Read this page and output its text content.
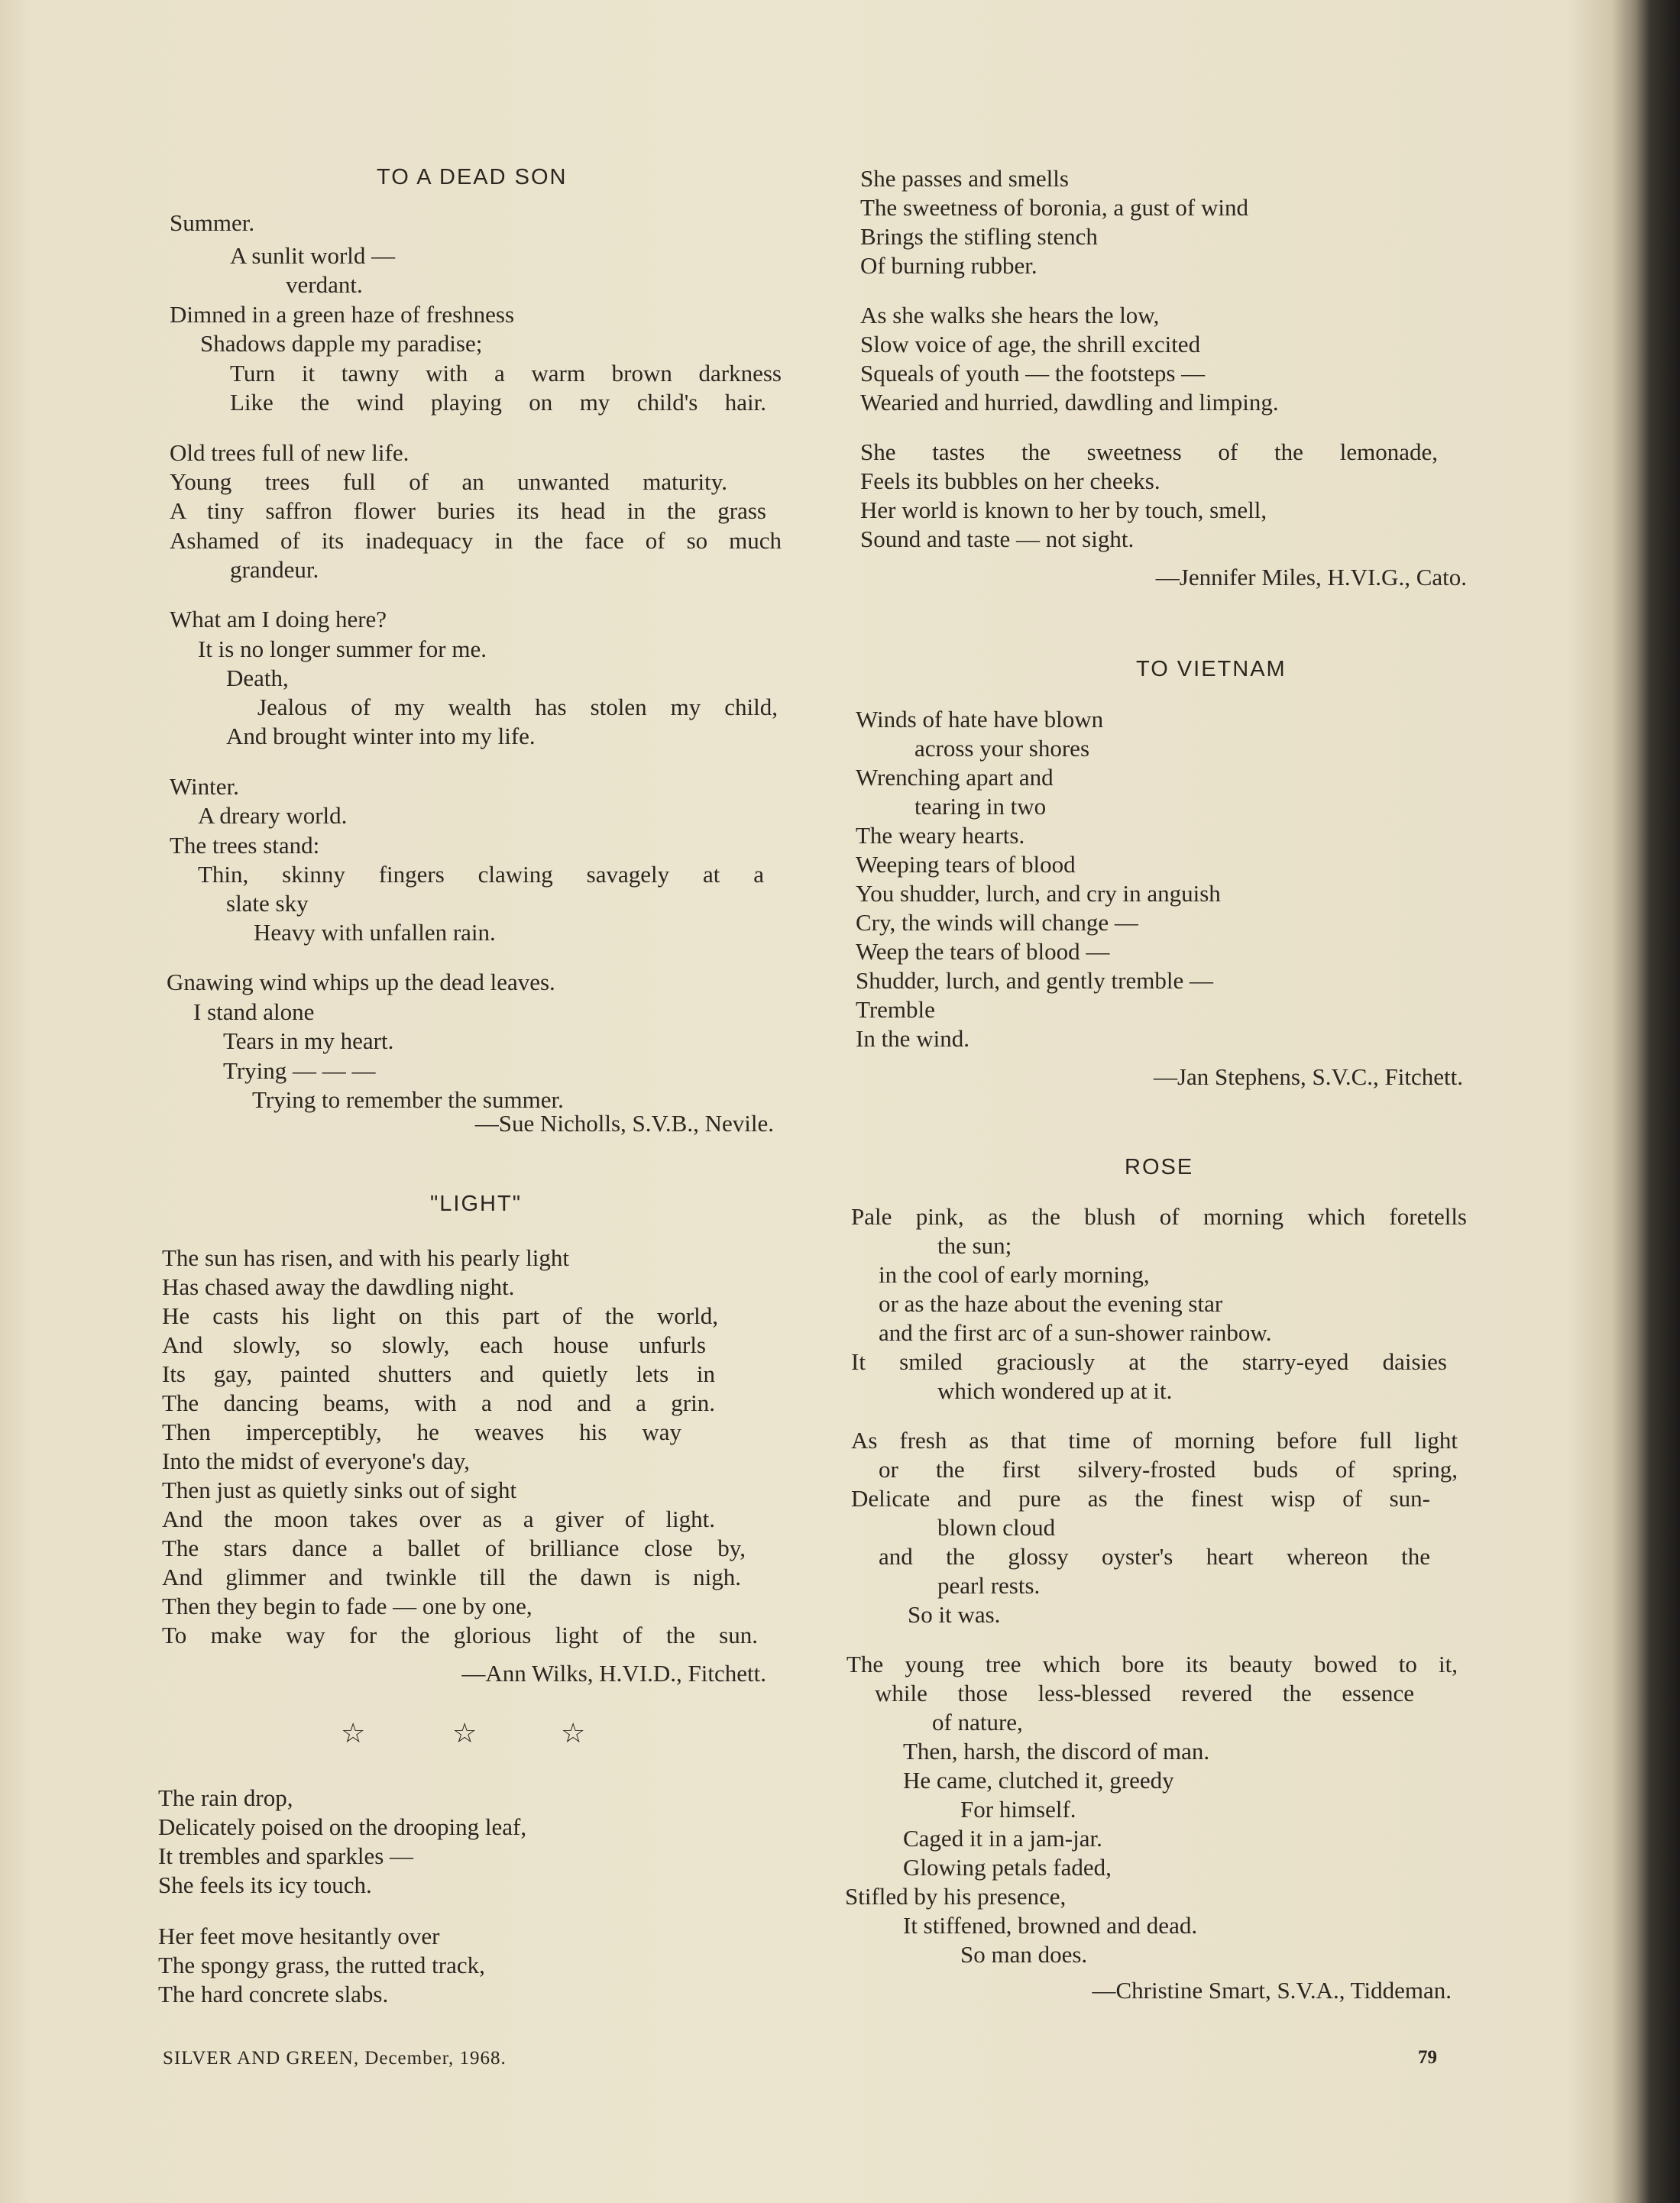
TO A DEAD SON
Summer.
A sunlit world —
verdant.
Dimned in a green haze of freshness
Shadows dapple my paradise;
Turn it tawny with a warm brown darkness
Like the wind playing on my child's hair.
Old trees full of new life.
Young trees full of an unwanted maturity.
A tiny saffron flower buries its head in the grass
Ashamed of its inadequacy in the face of so much
grandeur.
What am I doing here?
It is no longer summer for me.
Death,
Jealous of my wealth has stolen my child,
And brought winter into my life.
Winter.
A dreary world.
The trees stand:
Thin, skinny fingers clawing savagely at a
slate sky
Heavy with unfallen rain.
Gnawing wind whips up the dead leaves.
I stand alone
Tears in my heart.
Trying — — —
Trying to remember the summer.
—Sue Nicholls, S.V.B., Nevile.
"LIGHT"
The sun has risen, and with his pearly light
Has chased away the dawdling night.
He casts his light on this part of the world,
And slowly, so slowly, each house unfurls
Its gay, painted shutters and quietly lets in
The dancing beams, with a nod and a grin.
Then imperceptibly, he weaves his way
Into the midst of everyone's day,
Then just as quietly sinks out of sight
And the moon takes over as a giver of light.
The stars dance a ballet of brilliance close by,
And glimmer and twinkle till the dawn is nigh.
Then they begin to fade — one by one,
To make way for the glorious light of the sun.
—Ann Wilks, H.VI.D., Fitchett.
☆	☆	☆
The rain drop,
Delicately poised on the drooping leaf,
It trembles and sparkles —
She feels its icy touch.
Her feet move hesitantly over
The spongy grass, the rutted track,
The hard concrete slabs.
She passes and smells
The sweetness of boronia, a gust of wind
Brings the stifling stench
Of burning rubber.
As she walks she hears the low,
Slow voice of age, the shrill excited
Squeals of youth — the footsteps —
Wearied and hurried, dawdling and limping.
She tastes the sweetness of the lemonade,
Feels its bubbles on her cheeks.
Her world is known to her by touch, smell,
Sound and taste — not sight.
—Jennifer Miles, H.VI.G., Cato.
TO VIETNAM
Winds of hate have blown
across your shores
Wrenching apart and
tearing in two
The weary hearts.
Weeping tears of blood
You shudder, lurch, and cry in anguish
Cry, the winds will change —
Weep the tears of blood —
Shudder, lurch, and gently tremble —
Tremble
In the wind.
—Jan Stephens, S.V.C., Fitchett.
ROSE
Pale pink, as the blush of morning which foretells
the sun;
in the cool of early morning,
or as the haze about the evening star
and the first arc of a sun-shower rainbow.
It smiled graciously at the starry-eyed daisies
which wondered up at it.
As fresh as that time of morning before full light
or the first silvery-frosted buds of spring,
Delicate and pure as the finest wisp of sun-
blown cloud
and the glossy oyster's heart whereon the
pearl rests.
So it was.
The young tree which bore its beauty bowed to it,
while those less-blessed revered the essence
of nature,
Then, harsh, the discord of man.
He came, clutched it, greedy
For himself.
Caged it in a jam-jar.
Glowing petals faded,
Stifled by his presence,
It stiffened, browned and dead.
So man does.
—Christine Smart, S.V.A., Tiddeman.
SILVER AND GREEN, December, 1968.	79
